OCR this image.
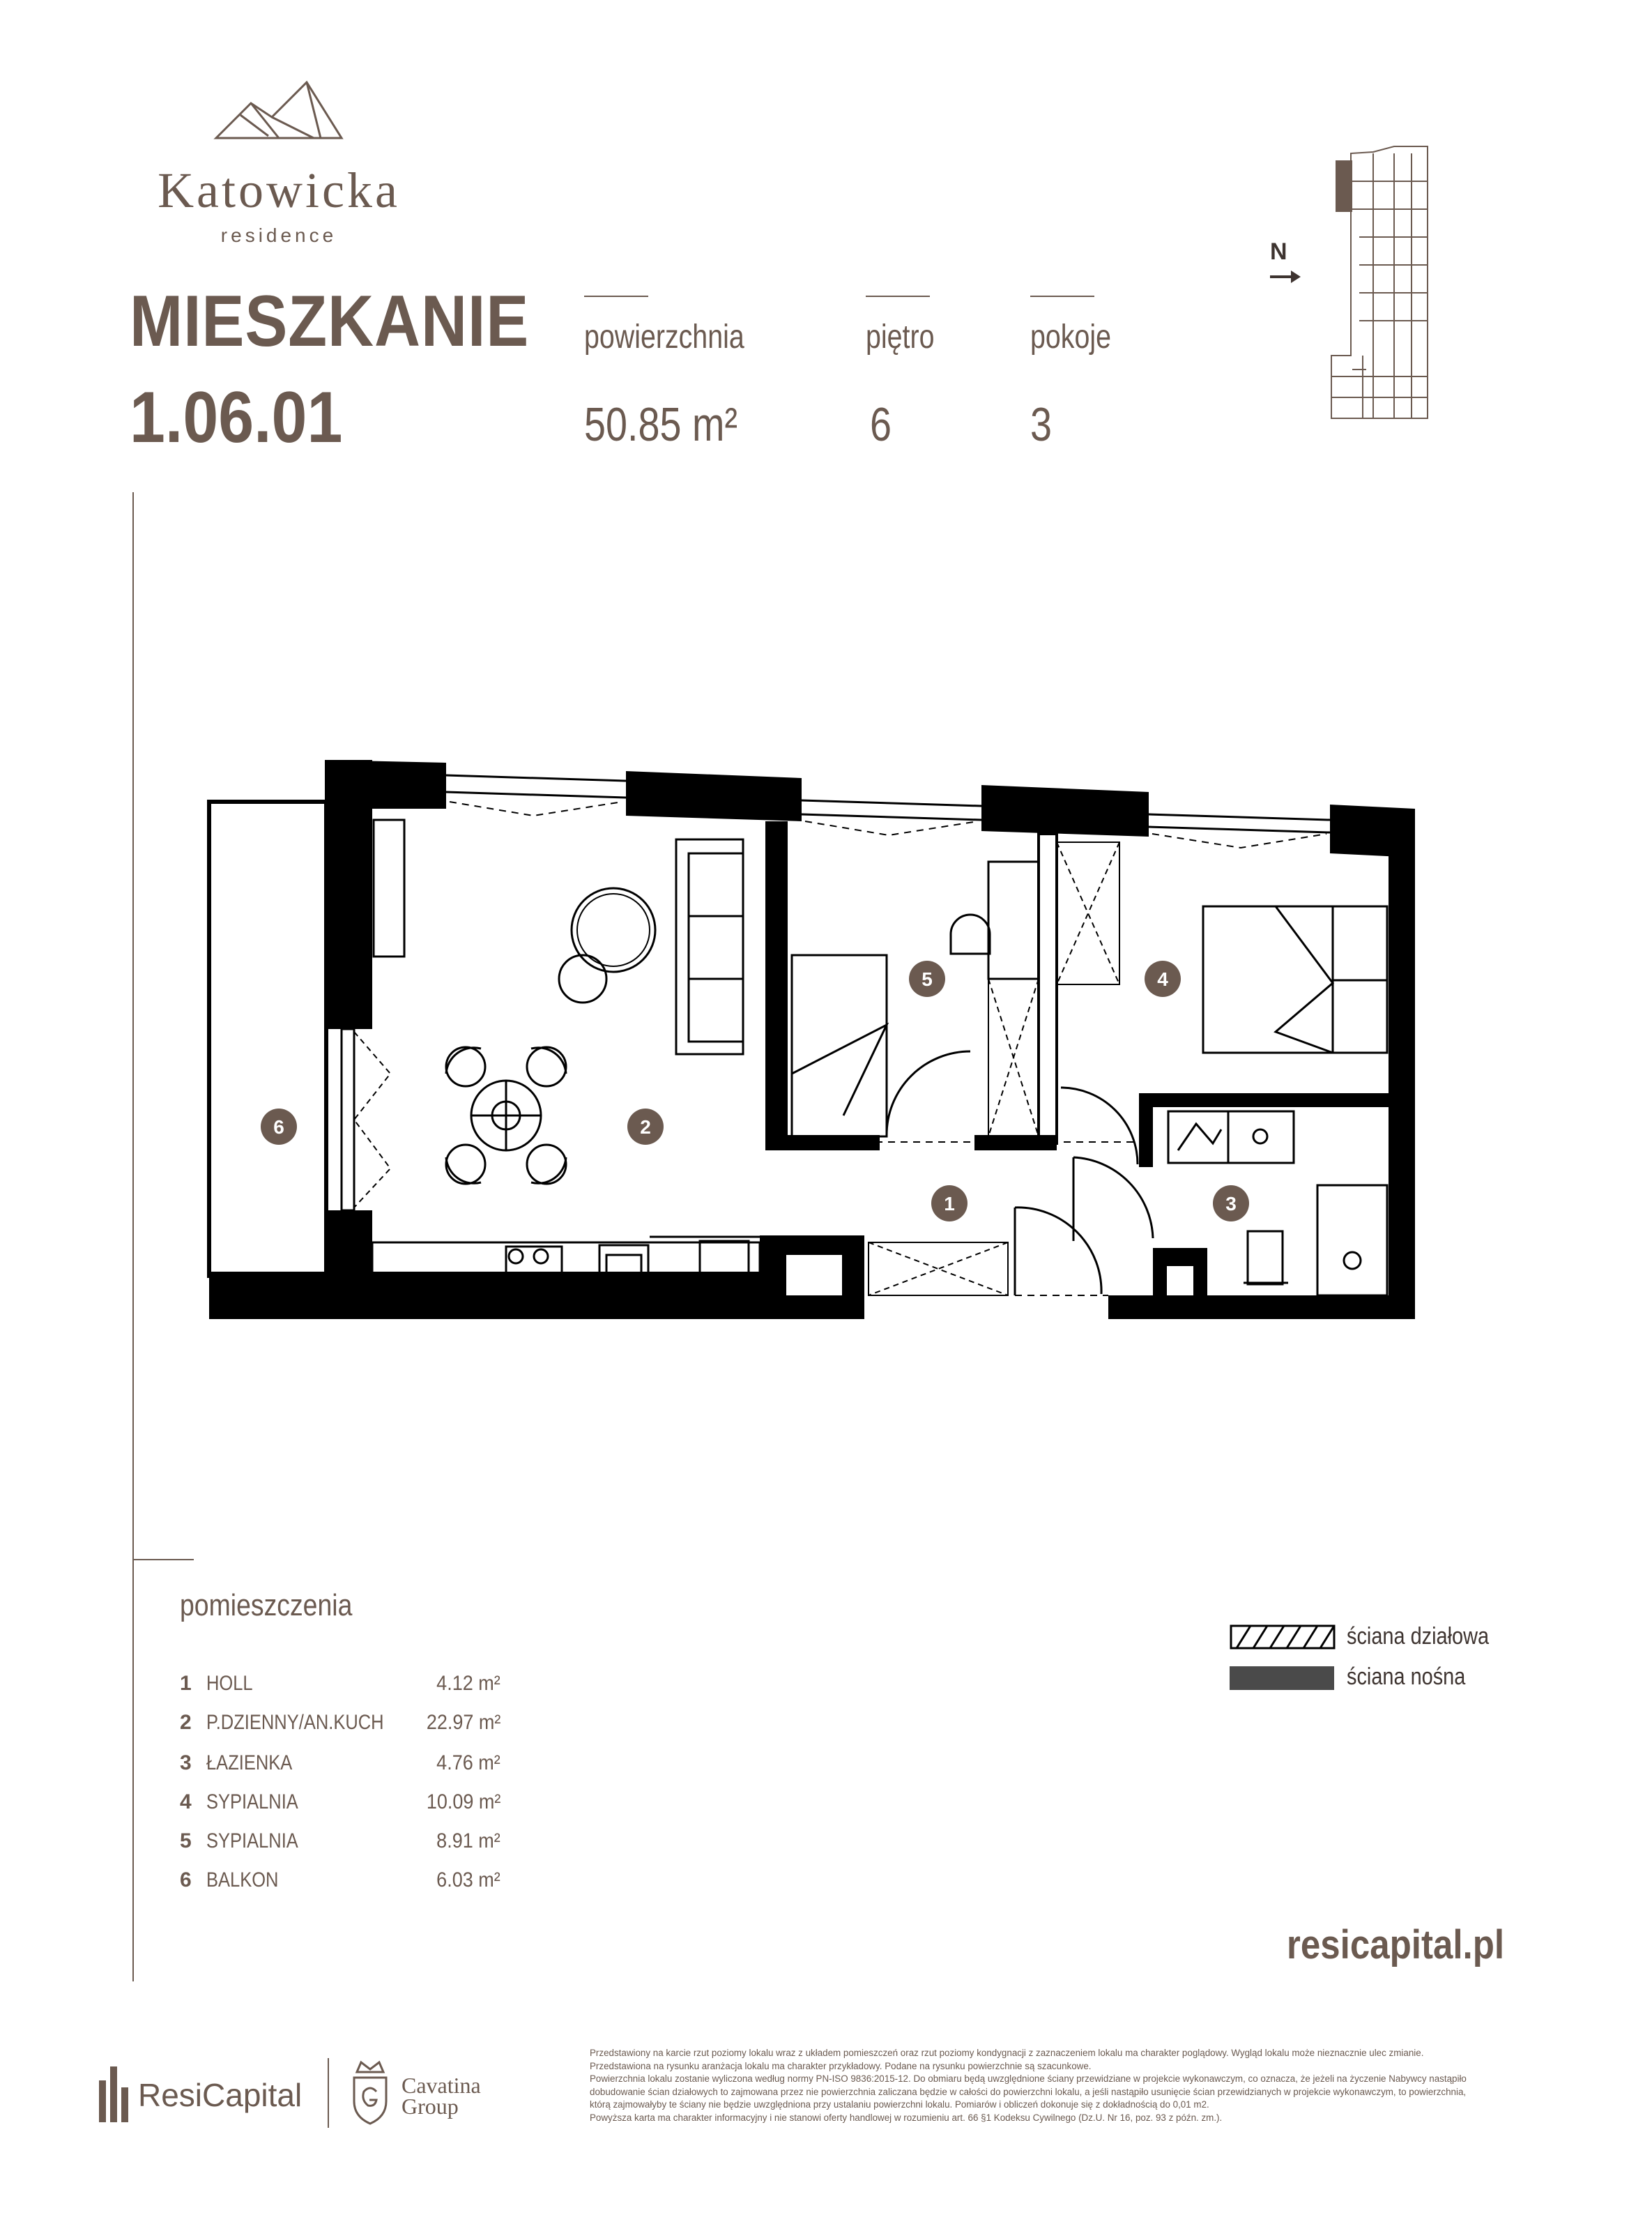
Katowicka
residence
MIESZKANIE
1.06.01
powierzchnia
50.85 m²
piętro
6
pokoje
3
N
1
2
3
4
5
6
pomieszczenia
1 HOLL	4.12 m²
2 P.DZIENNY/AN.KUCH 22.97 m²
3 ŁAZIENKA	4.76 m²
4 SYPIALNIA	10.09 m²
5 SYPIALNIA	8.91 m²
6 BALKON	6.03 m²
ściana działowa
ściana nośna
resicapital.pl
ResiCapital	Cavatina
Group

Przedstawiony na karcie rzut poziomy lokalu wraz z układem pomieszczeń oraz rzut poziomy kondygnacji z zaznaczeniem lokalu ma charakter poglądowy. Wygląd lokalu może nieznacznie ulec zmianie.

Przedstawiona na rysunku aranżacja lokalu ma charakter przykładowy. Podane na rysunku powierzchnie są szacunkowe.

Powierzchnia lokalu zostanie wyliczona według normy PN-ISO 9836:2015-12. Do obmiaru będą uwzględnione ściany przewidziane w projekcie wykonawczym, co oznacza, że jeżeli na życzenie Nabywcy nastąpiło dobudowanie ścian działowych to zajmowana przez nie powierzchnia zaliczana będzie w całości do powierzchni lokalu, a jeśli nastąpiło usunięcie ścian przewidzianych w projekcie wykonawczym, to powierzchnia, którą zajmowałyby te ściany nie będzie uwzględniona przy ustalaniu powierzchni lokalu. Pomiarów i obliczeń dokonuje się z dokładnością do 0,01 m2.

Powyższa karta ma charakter informacyjny i nie stanowi oferty handlowej w rozumieniu art. 66 §1 Kodeksu Cywilnego (Dz.U. Nr 16, poz. 93 z późn. zm.).
